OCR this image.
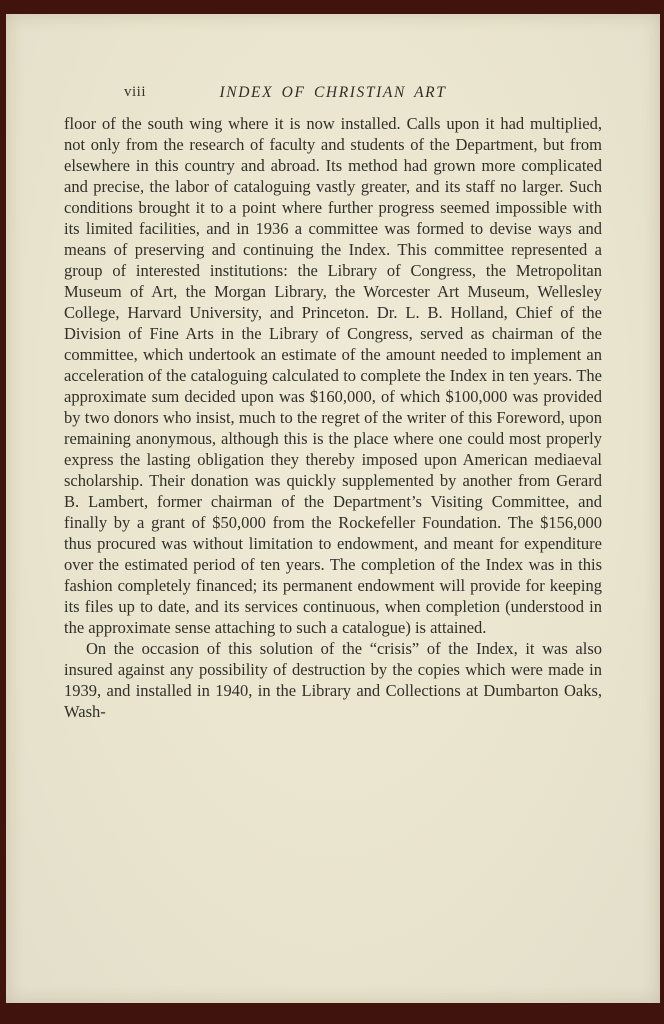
viii	INDEX OF CHRISTIAN ART

floor of the south wing where it is now installed. Calls upon it had multiplied, not only from the research of faculty and students of the Department, but from elsewhere in this country and abroad. Its method had grown more complicated and precise, the labor of cataloguing vastly greater, and its staff no larger. Such conditions brought it to a point where further progress seemed impossible with its limited facilities, and in 1936 a committee was formed to devise ways and means of preserving and continuing the Index. This committee represented a group of interested institutions: the Library of Congress, the Metropolitan Museum of Art, the Morgan Library, the Worcester Art Museum, Wellesley College, Harvard University, and Princeton. Dr. L. B. Holland, Chief of the Division of Fine Arts in the Library of Congress, served as chairman of the committee, which undertook an estimate of the amount needed to implement an acceleration of the cataloguing calculated to complete the Index in ten years. The approximate sum decided upon was $160,000, of which $100,000 was provided by two donors who insist, much to the regret of the writer of this Foreword, upon remaining anonymous, although this is the place where one could most properly express the lasting obligation they thereby imposed upon American mediaeval scholarship. Their donation was quickly supplemented by another from Gerard B. Lambert, former chairman of the Department’s Visiting Committee, and finally by a grant of $50,000 from the Rockefeller Foundation. The $156,000 thus procured was without limitation to endowment, and meant for expenditure over the estimated period of ten years. The completion of the Index was in this fashion completely financed; its permanent endowment will provide for keeping its files up to date, and its services continuous, when completion (understood in the approximate sense attaching to such a catalogue) is attained.

On the occasion of this solution of the “crisis” of the Index, it was also insured against any possibility of destruction by the copies which were made in 1939, and installed in 1940, in the Library and Collections at Dumbarton Oaks, Wash-
